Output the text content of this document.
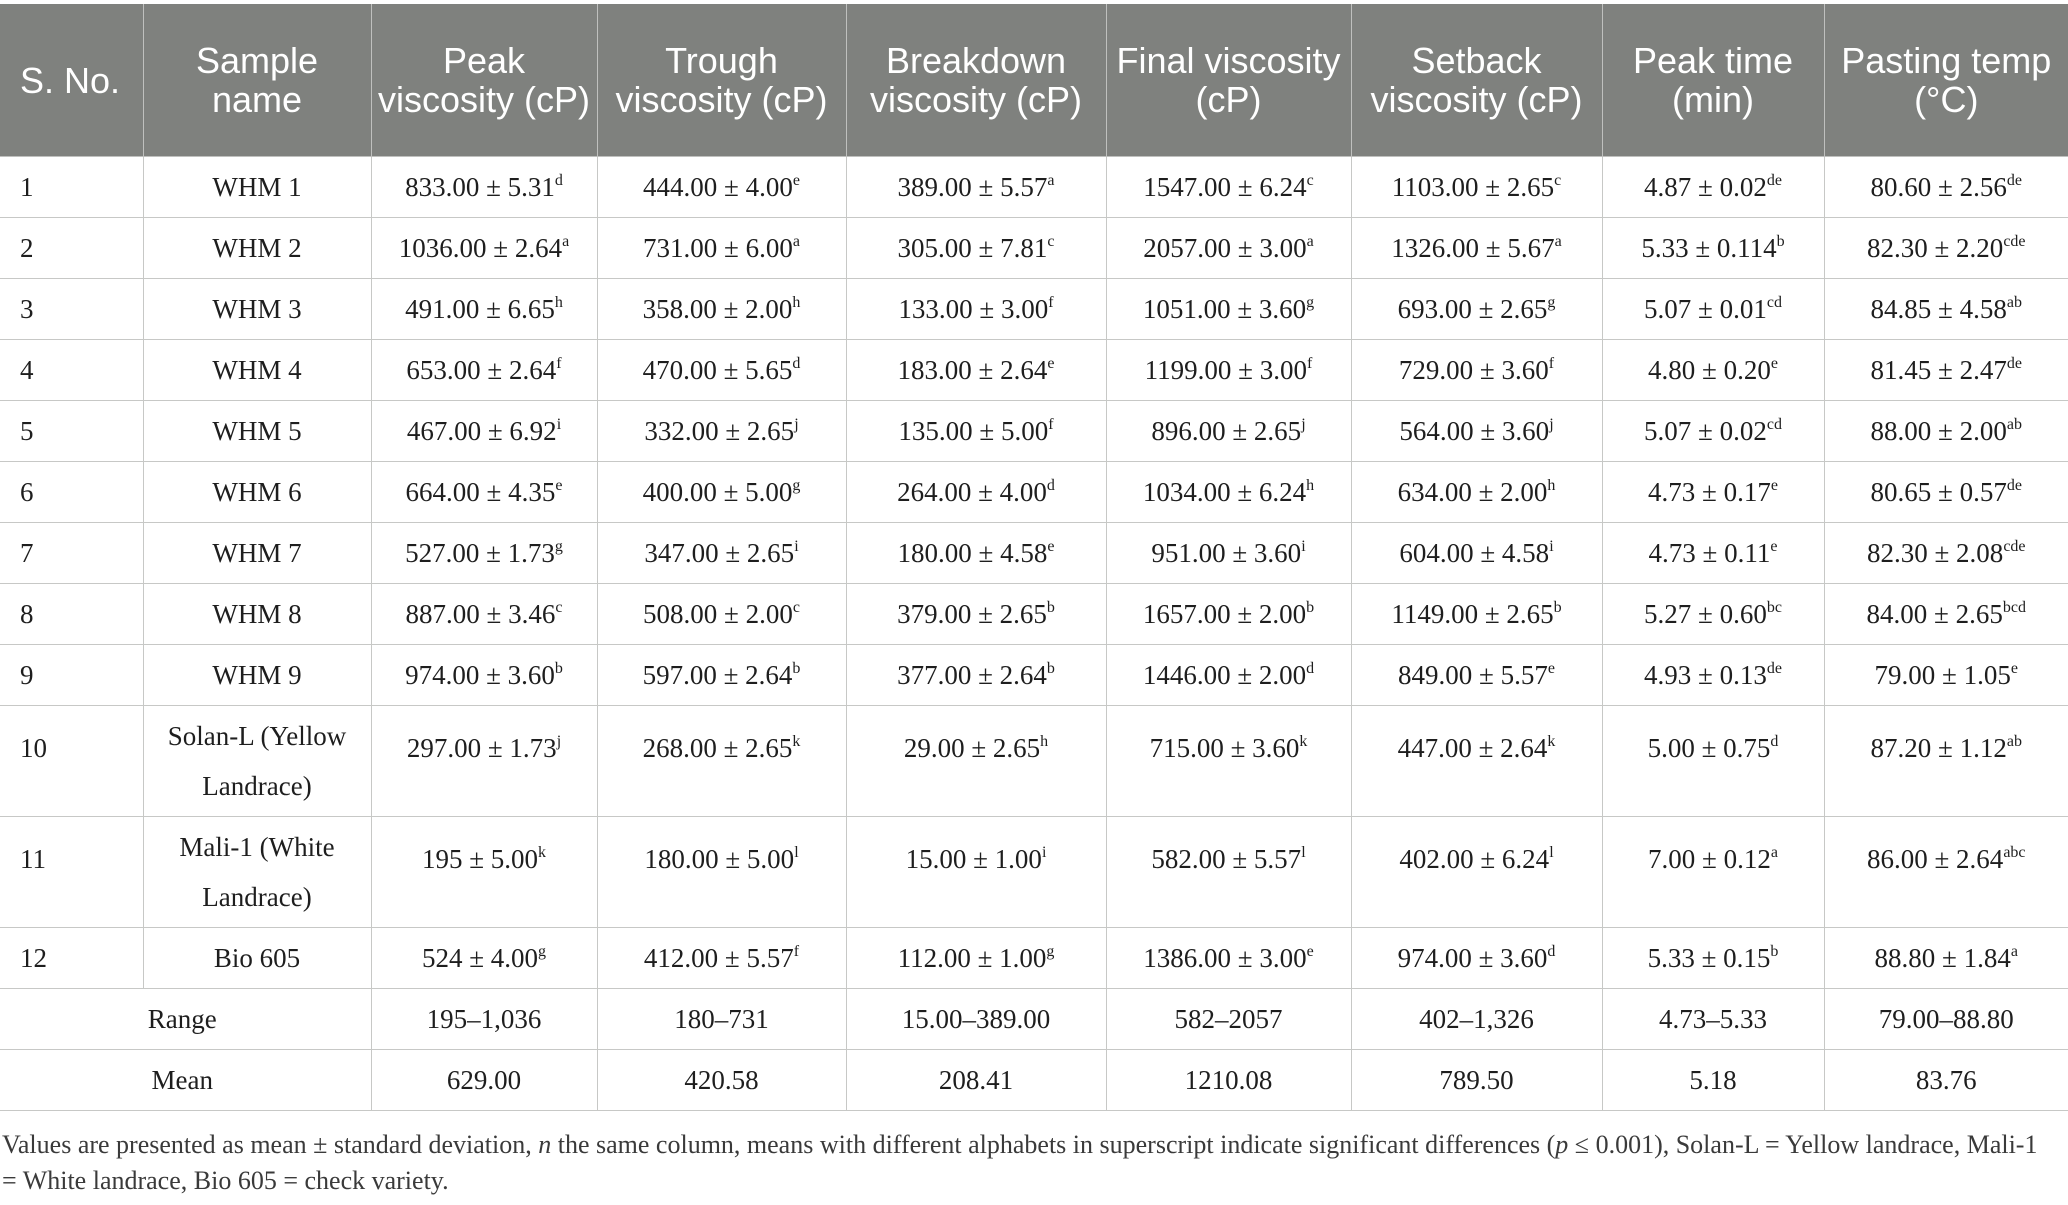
S. No.	Sample name	Peak viscosity (cP)	Trough viscosity (cP)	Breakdown viscosity (cP)	Final viscosity (cP)	Setback viscosity (cP)	Peak time (min)	Pasting temp (°C)
1	WHM 1	833.00 ± 5.31$^d$	444.00 ± 4.00$^e$	389.00 ± 5.57$^a$	1547.00 ± 6.24$^c$	1103.00 ± 2.65$^c$	4.87 ± 0.02de	80.60 ± 2.56de
2	WHM 2	1036.00 ± 2.64$^a$	731.00 ± 6.00$^a$	305.00 ± 7.81$^c$	2057.00 ± 3.00$^a$	1326.00 ± 5.67$^a$	5.33 ± 0.114$^b$	82.30 ± 2.20$^{cde}$
3	WHM 3	491.00 ± 6.65$^h$	358.00 ± 2.00$^h$	133.00 ± 3.00$^f$	1051.00 ± 3.60$^g$	693.00 ± 2.65$^g$	5.07 ± 0.01$^{cd}$	84.85 ± 4.58$^{ab}$
4	WHM 4	653.00 ± 2.64$^f$	470.00 ± 5.65$^d$	183.00 ± 2.64$^e$	1199.00 ± 3.00$^f$	729.00 ± 3.60$^f$	4.80 ± 0.20$^e$	81.45 ± 2.47de
5	WHM 5	$467.00 \pm 6.92^i$	$332.00 \pm 2.65^j$	135.00 ± 5.00$^f$	$896.00 \pm 2.65^j$	$564.00 \pm 3.60^j$	5.07 ± 0.02$^{cd}$	88.00 ± 2.00$^{ab}$
6	WHM 6	664.00 ± 4.35$^e$	400.00 ± 5.00$^g$	264.00 ± 4.00$^d$	1034.00 ± 6.24$^h$	634.00 ± 2.00$^h$	4.73 ± 0.17$^e$	80.65 ± 0.57de
7	WHM 7	527.00 ± 1.73$^g$	$347.00 \pm 2.65^i$	180.00 ± 4.58$^e$	$951.00 \pm 3.60^i$	$604.00 \pm 4.58^i$	4.73 ± 0.11$^e$	82.30 ± 2.08$^{cde}$
8	WHM 8	887.00 ± 3.46$^c$	508.00 ± 2.00$^c$	379.00 ± 2.65$^b$	1657.00 ± 2.00$^b$	1149.00 ± 2.65$^b$	5.27 ± 0.60$^{bc}$	84.00 ± 2.65$^{bcd}$
9	WHM 9	974.00 ± 3.60$^b$	597.00 ± 2.64$^b$	377.00 ± 2.64$^b$	1446.00 ± 2.00$^d$	849.00 ± 5.57$^e$	4.93 ± 0.13de	79.00 ± 1.05$^e$
10	Solan-L (Yellow Landrace)	$297.00 \pm 1.73^j$	$268.00 \pm 2.65^k$	29.00 ± 2.65$^h$	$715.00 \pm 3.60^k$	$447.00 \pm 2.64^k$	5.00 ± 0.75$^d$	87.20 ± 1.12$^{ab}$
11	Mali-1 (White Landrace)	$195 \pm 5.00^k$	$180.00 \pm 5.00^l$	$15.00 \pm 1.00^i$	$582.00 \pm 5.57^l$	$402.00 \pm 6.24^l$	7.00 ± 0.12$^a$	86.00 ± 2.64$^{abc}$
12	Bio 605	524 ± 4.00$^g$	412.00 ± 5.57$^f$	112.00 ± 1.00$^g$	1386.00 ± 3.00$^e$	974.00 ± 3.60$^d$	5.33 ± 0.15$^b$	88.80 ± 1.84$^a$
Range		195–1,036	180–731	15.00–389.00	582–2057	402–1,326	4.73–5.33	79.00–88.80
Mean		629.00	420.58	208.41	1210.08	789.50	5.18	83.76
Values are presented as mean ± standard deviation, n the same column, means with different alphabets in superscript indicate significant differences (p ≤ 0.001), Solan-L = Yellow landrace, Mali-1 = White landrace, Bio 605 = check variety.
